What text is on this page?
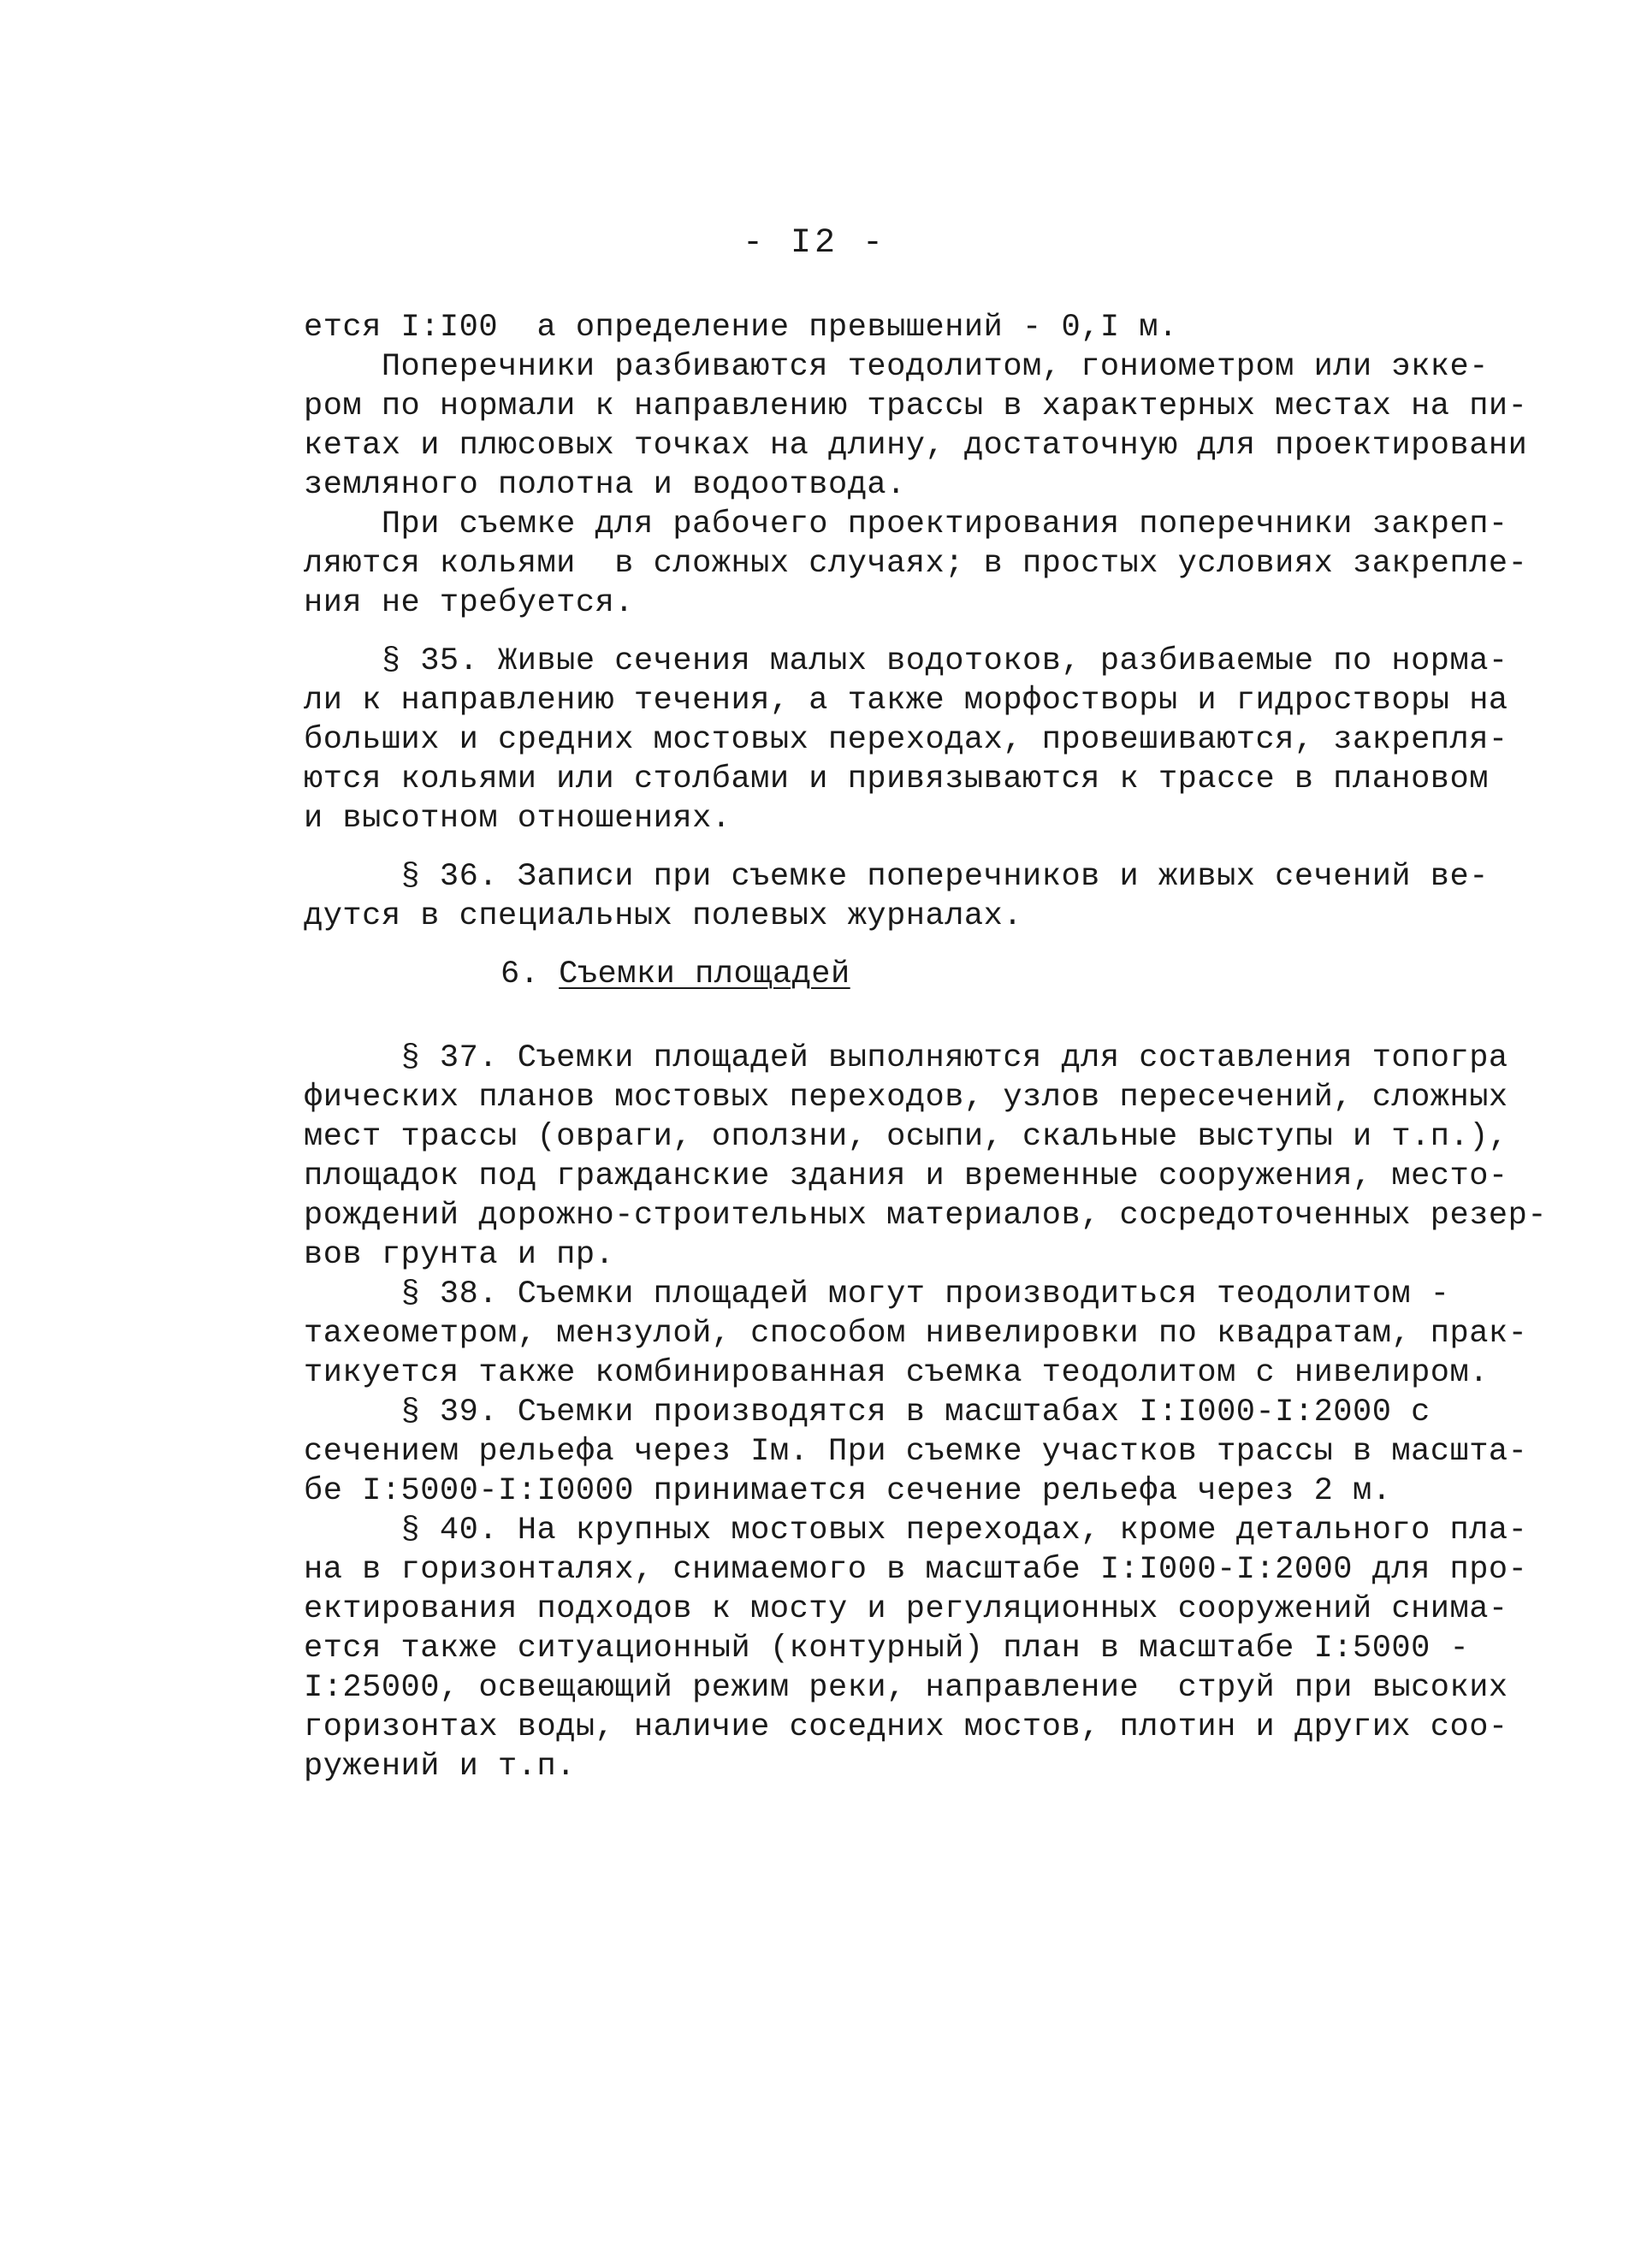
- I2 -
ется I:I00  а определение превышений - 0,I м.
Поперечники разбиваются теодолитом, гониометром или экке-
ром по нормали к направлению трассы в характерных местах на пи-
кетах и плюсовых точках на длину, достаточную для проектировани
земляного полотна и водоотвода.
При съемке для рабочего проектирования поперечники закреп-
ляются кольями  в сложных случаях; в простых условиях закрепле-
ния не требуется.
§ 35. Живые сечения малых водотоков, разбиваемые по норма-
ли к направлению течения, а также морфостворы и гидростворы на
больших и средних мостовых переходах, провешиваются, закрепля-
ются кольями или столбами и привязываются к трассе в плановом
и высотном отношениях.
§ 36. Записи при съемке поперечников и живых сечений ве-
дутся в специальных полевых журналах.
6. Съемки площадей
§ 37. Съемки площадей выполняются для составления топогра
фических планов мостовых переходов, узлов пересечений, сложных
мест трассы (овраги, оползни, осыпи, скальные выступы и т.п.),
площадок под гражданские здания и временные сооружения, место-
рождений дорожно-строительных материалов, сосредоточенных резер-
вов грунта и пр.
§ 38. Съемки площадей могут производиться теодолитом -
тахеометром, мензулой, способом нивелировки по квадратам, прак-
тикуется также комбинированная съемка теодолитом с нивелиром.
§ 39. Съемки производятся в масштабах I:I000-I:2000 с
сечением рельефа через Iм. При съемке участков трассы в масшта-
бе I:5000-I:I0000 принимается сечение рельефа через 2 м.
§ 40. На крупных мостовых переходах, кроме детального пла-
на в горизонталях, снимаемого в масштабе I:I000-I:2000 для про-
ектирования подходов к мосту и регуляционных сооружений снима-
ется также ситуационный (контурный) план в масштабе I:5000 -
I:25000, освещающий режим реки, направление  струй при высоких
горизонтах воды, наличие соседних мостов, плотин и других соо-
ружений и т.п.
